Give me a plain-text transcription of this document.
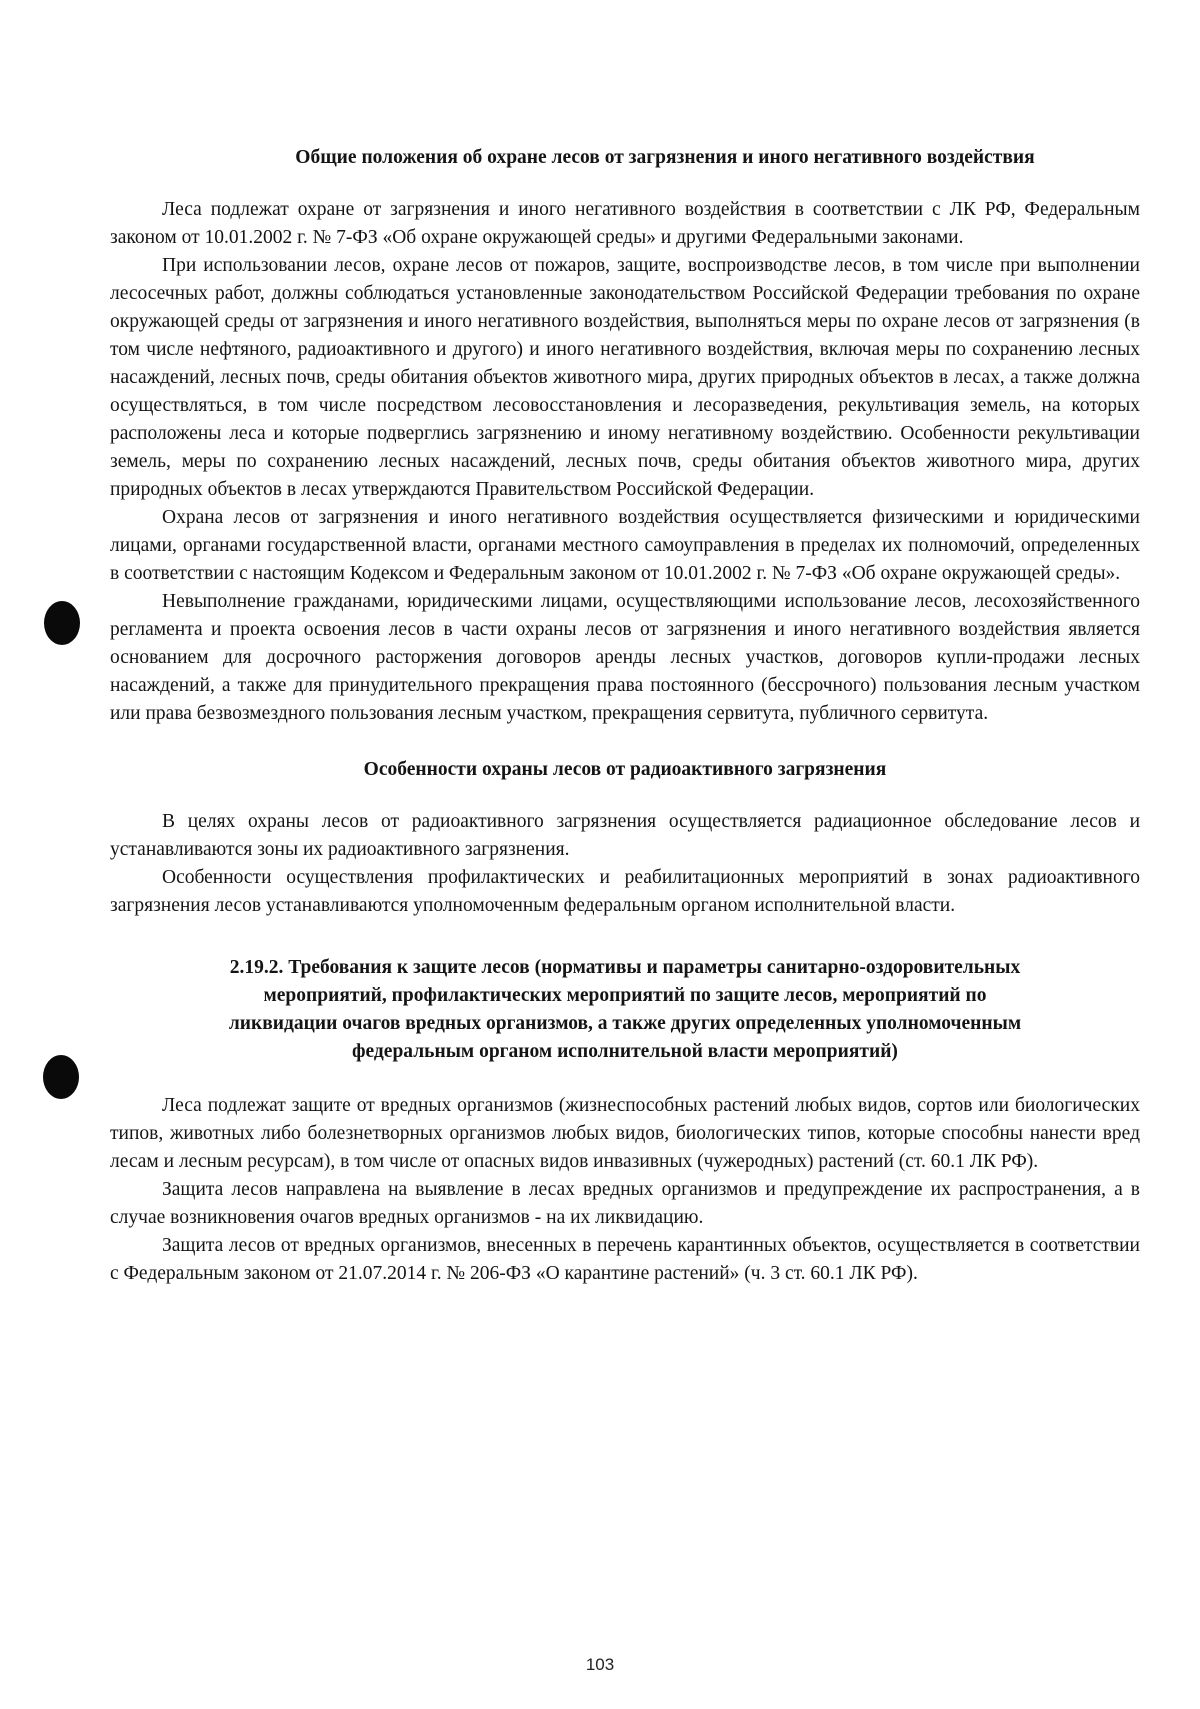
Общие положения об охране лесов от загрязнения и иного негативного воздействия

Леса подлежат охране от загрязнения и иного негативного воздействия в соответствии с ЛК РФ, Федеральным законом от 10.01.2002 г. № 7-ФЗ «Об охране окружающей среды» и другими Федеральными законами.

При использовании лесов, охране лесов от пожаров, защите, воспроизводстве лесов, в том числе при выполнении лесосечных работ, должны соблюдаться установленные законодательством Российской Федерации требования по охране окружающей среды от загрязнения и иного негативного воздействия, выполняться меры по охране лесов от загрязнения (в том числе нефтяного, радиоактивного и другого) и иного негативного воздействия, включая меры по сохранению лесных насаждений, лесных почв, среды обитания объектов животного мира, других природных объектов в лесах, а также должна осуществляться, в том числе посредством лесовосстановления и лесоразведения, рекультивация земель, на которых расположены леса и которые подверглись загрязнению и иному негативному воздействию. Особенности рекультивации земель, меры по сохранению лесных насаждений, лесных почв, среды обитания объектов животного мира, других природных объектов в лесах утверждаются Правительством Российской Федерации.

Охрана лесов от загрязнения и иного негативного воздействия осуществляется физическими и юридическими лицами, органами государственной власти, органами местного самоуправления в пределах их полномочий, определенных в соответствии с настоящим Кодексом и Федеральным законом от 10.01.2002 г. № 7-ФЗ «Об охране окружающей среды».

Невыполнение гражданами, юридическими лицами, осуществляющими использование лесов, лесохозяйственного регламента и проекта освоения лесов в части охраны лесов от загрязнения и иного негативного воздействия является основанием для досрочного расторжения договоров аренды лесных участков, договоров купли-продажи лесных насаждений, а также для принудительного прекращения права постоянного (бессрочного) пользования лесным участком или права безвозмездного пользования лесным участком, прекращения сервитута, публичного сервитута.

Особенности охраны лесов от радиоактивного загрязнения

В целях охраны лесов от радиоактивного загрязнения осуществляется радиационное обследование лесов и устанавливаются зоны их радиоактивного загрязнения.

Особенности осуществления профилактических и реабилитационных мероприятий в зонах радиоактивного загрязнения лесов устанавливаются уполномоченным федеральным органом исполнительной власти.

2.19.2. Требования к защите лесов (нормативы и параметры санитарно-оздоровительных
мероприятий, профилактических мероприятий по защите лесов, мероприятий по
ликвидации очагов вредных организмов, а также других определенных уполномоченным
федеральным органом исполнительной власти мероприятий)

Леса подлежат защите от вредных организмов (жизнеспособных растений любых видов, сортов или биологических типов, животных либо болезнетворных организмов любых видов, биологических типов, которые способны нанести вред лесам и лесным ресурсам), в том числе от опасных видов инвазивных (чужеродных) растений (ст. 60.1 ЛК РФ).

Защита лесов направлена на выявление в лесах вредных организмов и предупреждение их распространения, а в случае возникновения очагов вредных организмов - на их ликвидацию.

Защита лесов от вредных организмов, внесенных в перечень карантинных объектов, осуществляется в соответствии с Федеральным законом от 21.07.2014 г. № 206-ФЗ «О карантине растений» (ч. 3 ст. 60.1 ЛК РФ).

103
